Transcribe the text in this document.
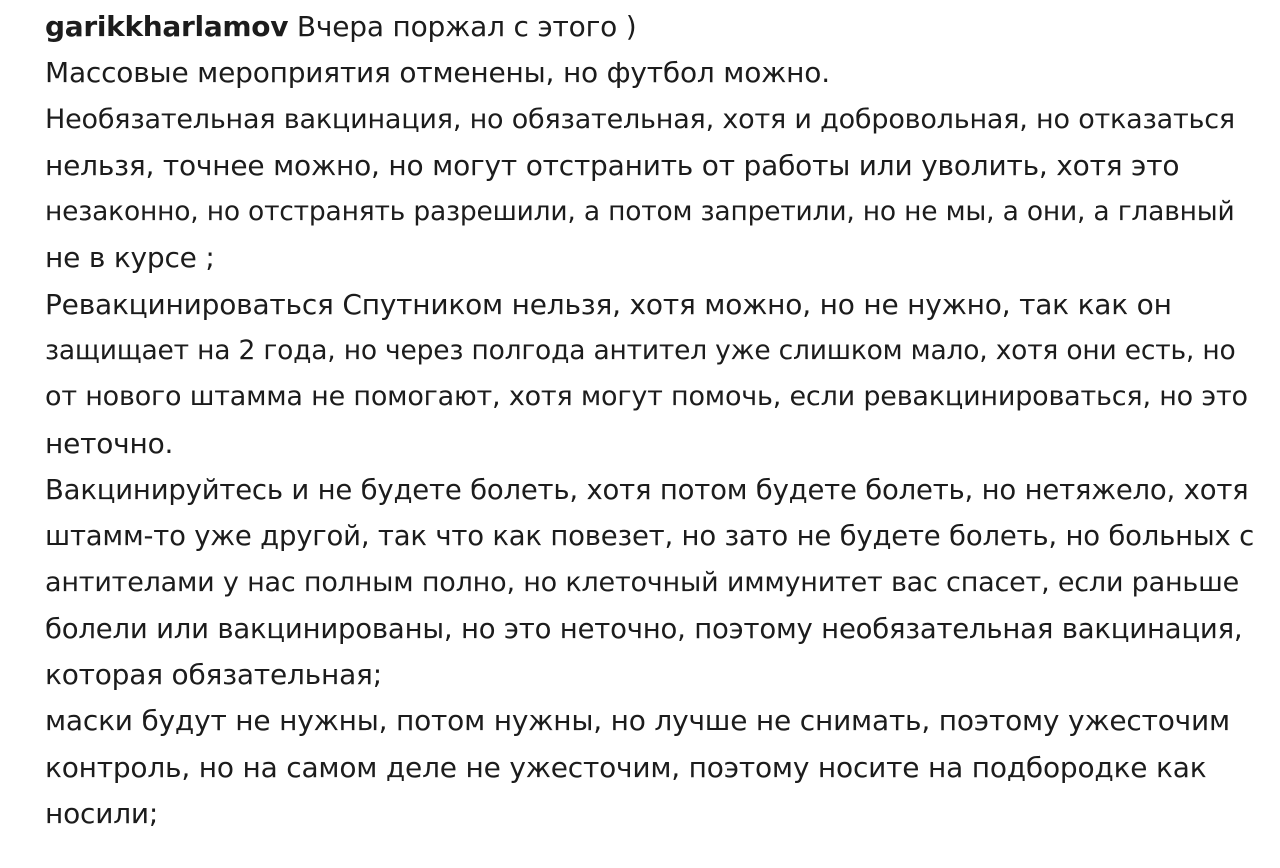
garikkharlamov Вчера поржал с этого )
Массовые мероприятия отменены, но футбол можно.
Необязательная вакцинация, но обязательная, хотя и добровольная, но отказаться
нельзя, точнее можно, но могут отстранить от работы или уволить, хотя это
незаконно, но отстранять разрешили, а потом запретили, но не мы, а они, а главный
не в курсе ;
Ревакцинироваться Спутником нельзя, хотя можно, но не нужно, так как он
защищает на 2 года, но через полгода антител уже слишком мало, хотя они есть, но
от нового штамма не помогают, хотя могут помочь, если ревакцинироваться, но это
неточно.
Вакцинируйтесь и не будете болеть, хотя потом будете болеть, но нетяжело, хотя
штамм-то уже другой, так что как повезет, но зато не будете болеть, но больных с
антителами у нас полным полно, но клеточный иммунитет вас спасет, если раньше
болели или вакцинированы, но это неточно, поэтому необязательная вакцинация,
которая обязательная;
маски будут не нужны, потом нужны, но лучше не снимать, поэтому ужесточим
контроль, но на самом деле не ужесточим, поэтому носите на подбородке как
носили;
